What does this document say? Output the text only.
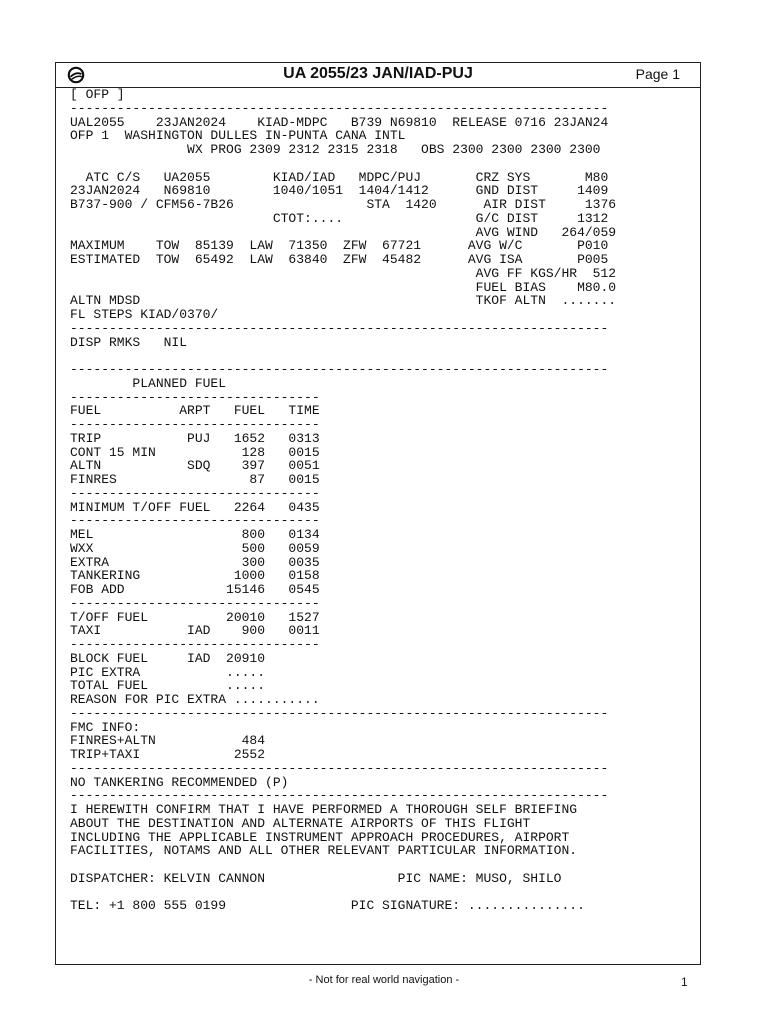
UA 2055/23 JAN/IAD-PUJ	Page 1
[ OFP ]
---------------------------------------------------------------------
UAL2055    23JAN2024    KIAD-MDPC   B739 N69810  RELEASE 0716 23JAN24
OFP 1  WASHINGTON DULLES IN-PUNTA CANA INTL
WX PROG 2309 2312 2315 2318   OBS 2300 2300 2300 2300
ATC C/S   UA2055        KIAD/IAD   MDPC/PUJ       CRZ SYS       M80
23JAN2024   N69810        1040/1051  1404/1412      GND DIST     1409
B737-900 / CFM56-7B26                 STA  1420      AIR DIST     1376
CTOT:....                 G/C DIST     1312
AVG WIND   264/059
MAXIMUM    TOW  85139  LAW  71350  ZFW  67721      AVG W/C       P010
ESTIMATED  TOW  65492  LAW  63840  ZFW  45482      AVG ISA       P005
AVG FF KGS/HR  512
FUEL BIAS    M80.0
ALTN MDSD                                           TKOF ALTN  .......
FL STEPS KIAD/0370/
---------------------------------------------------------------------
DISP RMKS   NIL
---------------------------------------------------------------------
PLANNED FUEL
--------------------------------
FUEL          ARPT   FUEL   TIME
--------------------------------
TRIP           PUJ   1652   0313
CONT 15 MIN           128   0015
ALTN           SDQ    397   0051
FINRES                 87   0015
--------------------------------
MINIMUM T/OFF FUEL   2264   0435
--------------------------------
MEL                   800   0134
WXX                   500   0059
EXTRA                 300   0035
TANKERING            1000   0158
FOB ADD             15146   0545
--------------------------------
T/OFF FUEL          20010   1527
TAXI           IAD    900   0011
--------------------------------
BLOCK FUEL     IAD  20910
PIC EXTRA           .....
TOTAL FUEL          .....
REASON FOR PIC EXTRA ...........
---------------------------------------------------------------------
FMC INFO:
FINRES+ALTN           484
TRIP+TAXI            2552
---------------------------------------------------------------------
NO TANKERING RECOMMENDED (P)
---------------------------------------------------------------------
I HEREWITH CONFIRM THAT I HAVE PERFORMED A THOROUGH SELF BRIEFING
ABOUT THE DESTINATION AND ALTERNATE AIRPORTS OF THIS FLIGHT
INCLUDING THE APPLICABLE INSTRUMENT APPROACH PROCEDURES, AIRPORT
FACILITIES, NOTAMS AND ALL OTHER RELEVANT PARTICULAR INFORMATION.
DISPATCHER: KELVIN CANNON                 PIC NAME: MUSO, SHILO
TEL: +1 800 555 0199                PIC SIGNATURE: ...............
- Not for real world navigation -	1
